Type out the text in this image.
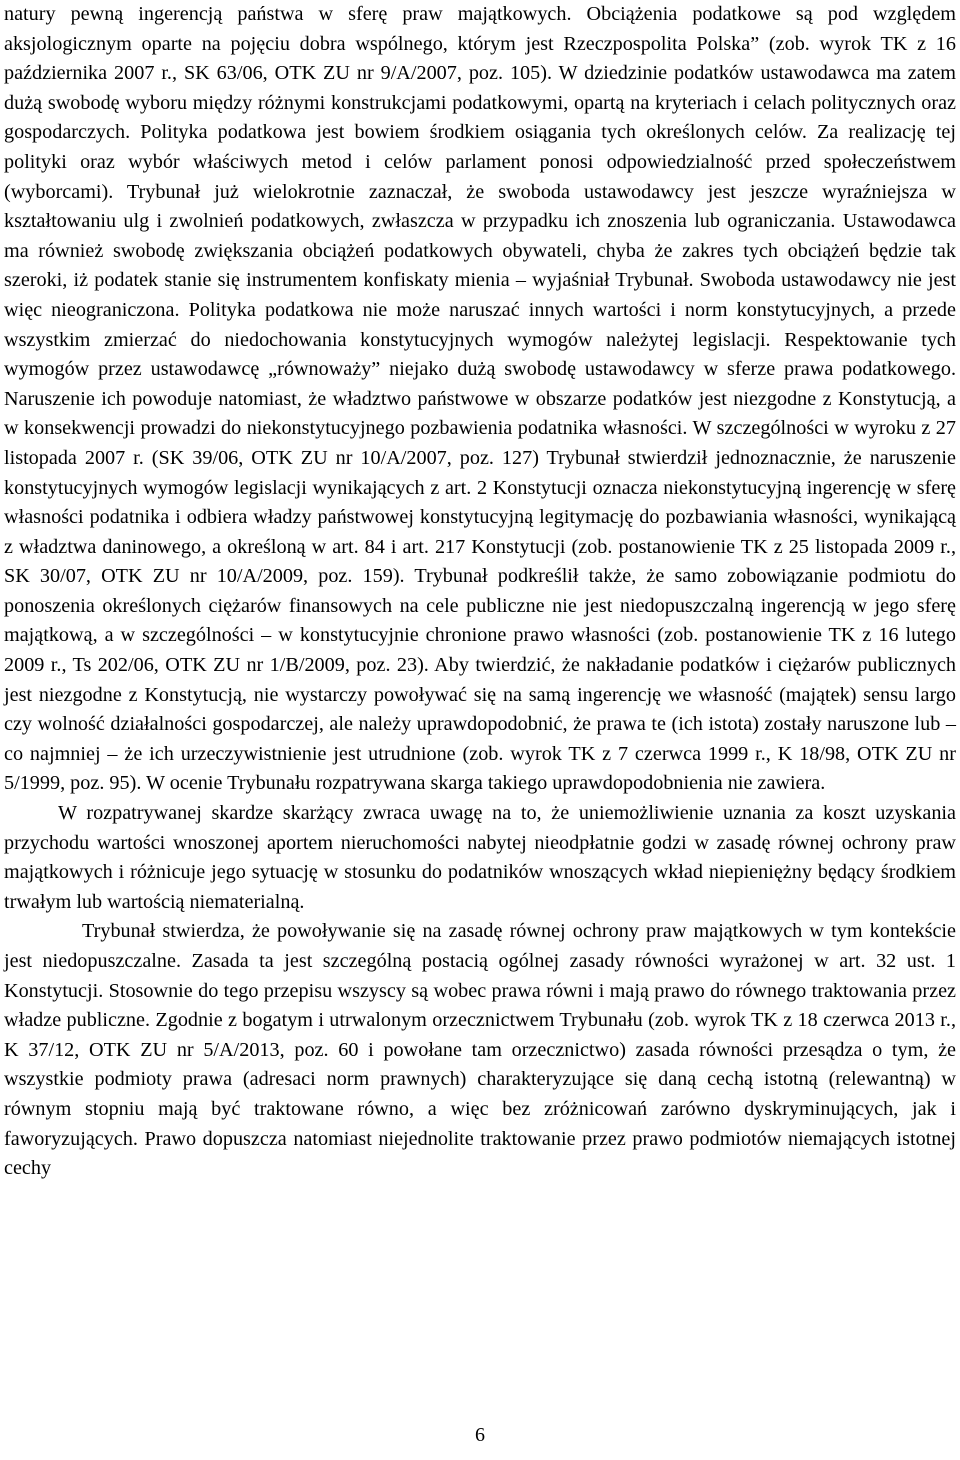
natury pewną ingerencją państwa w sferę praw majątkowych. Obciążenia podatkowe są pod względem aksjologicznym oparte na pojęciu dobra wspólnego, którym jest Rzeczpospolita Polska” (zob. wyrok TK z 16 października 2007 r., SK 63/06, OTK ZU nr 9/A/2007, poz. 105). W dziedzinie podatków ustawodawca ma zatem dużą swobodę wyboru między różnymi konstrukcjami podatkowymi, opartą na kryteriach i celach politycznych oraz gospodarczych. Polityka podatkowa jest bowiem środkiem osiągania tych określonych celów. Za realizację tej polityki oraz wybór właściwych metod i celów parlament ponosi odpowiedzialność przed społeczeństwem (wyborcami). Trybunał już wielokrotnie zaznaczał, że swoboda ustawodawcy jest jeszcze wyraźniejsza w kształtowaniu ulg i zwolnień podatkowych, zwłaszcza w przypadku ich znoszenia lub ograniczania. Ustawodawca ma również swobodę zwiększania obciążeń podatkowych obywateli, chyba że zakres tych obciążeń będzie tak szeroki, iż podatek stanie się instrumentem konfiskaty mienia – wyjaśniał Trybunał. Swoboda ustawodawcy nie jest więc nieograniczona. Polityka podatkowa nie może naruszać innych wartości i norm konstytucyjnych, a przede wszystkim zmierzać do niedochowania konstytucyjnych wymogów należytej legislacji. Respektowanie tych wymogów przez ustawodawcę „równoważy” niejako dużą swobodę ustawodawcy w sferze prawa podatkowego. Naruszenie ich powoduje natomiast, że władztwo państwowe w obszarze podatków jest niezgodne z Konstytucją, a w konsekwencji prowadzi do niekonstytucyjnego pozbawienia podatnika własności. W szczególności w wyroku z 27 listopada 2007 r. (SK 39/06, OTK ZU nr 10/A/2007, poz. 127) Trybunał stwierdził jednoznacznie, że naruszenie konstytucyjnych wymogów legislacji wynikających z art. 2 Konstytucji oznacza niekonstytucyjną ingerencję w sferę własności podatnika i odbiera władzy państwowej konstytucyjną legitymację do pozbawiania własności, wynikającą z władztwa daninowego, a określoną w art. 84 i art. 217 Konstytucji (zob. postanowienie TK z 25 listopada 2009 r., SK 30/07, OTK ZU nr 10/A/2009, poz. 159). Trybunał podkreślił także, że samo zobowiązanie podmiotu do ponoszenia określonych ciężarów finansowych na cele publiczne nie jest niedopuszczalną ingerencją w jego sferę majątkową, a w szczególności – w konstytucyjnie chronione prawo własności (zob. postanowienie TK z 16 lutego 2009 r., Ts 202/06, OTK ZU nr 1/B/2009, poz. 23). Aby twierdzić, że nakładanie podatków i ciężarów publicznych jest niezgodne z Konstytucją, nie wystarczy powoływać się na samą ingerencję we własność (majątek) sensu largo czy wolność działalności gospodarczej, ale należy uprawdopodobnić, że prawa te (ich istota) zostały naruszone lub – co najmniej – że ich urzeczywistnienie jest utrudnione (zob. wyrok TK z 7 czerwca 1999 r., K 18/98, OTK ZU nr 5/1999, poz. 95). W ocenie Trybunału rozpatrywana skarga takiego uprawdopodobnienia nie zawiera.

W rozpatrywanej skardze skarżący zwraca uwagę na to, że uniemożliwienie uznania za koszt uzyskania przychodu wartości wnoszonej aportem nieruchomości nabytej nieodpłatnie godzi w zasadę równej ochrony praw majątkowych i różnicuje jego sytuację w stosunku do podatników wnoszących wkład niepieniężny będący środkiem trwałym lub wartością niematerialną.

Trybunał stwierdza, że powoływanie się na zasadę równej ochrony praw majątkowych w tym kontekście jest niedopuszczalne. Zasada ta jest szczególną postacią ogólnej zasady równości wyrażonej w art. 32 ust. 1 Konstytucji. Stosownie do tego przepisu wszyscy są wobec prawa równi i mają prawo do równego traktowania przez władze publiczne. Zgodnie z bogatym i utrwalonym orzecznictwem Trybunału (zob. wyrok TK z 18 czerwca 2013 r., K 37/12, OTK ZU nr 5/A/2013, poz. 60 i powołane tam orzecznictwo) zasada równości przesądza o tym, że wszystkie podmioty prawa (adresaci norm prawnych) charakteryzujące się daną cechą istotną (relewantną) w równym stopniu mają być traktowane równo, a więc bez zróżnicowań zarówno dyskryminujących, jak i faworyzujących. Prawo dopuszcza natomiast niejednolite traktowanie przez prawo podmiotów niemających istotnej cechy

6
